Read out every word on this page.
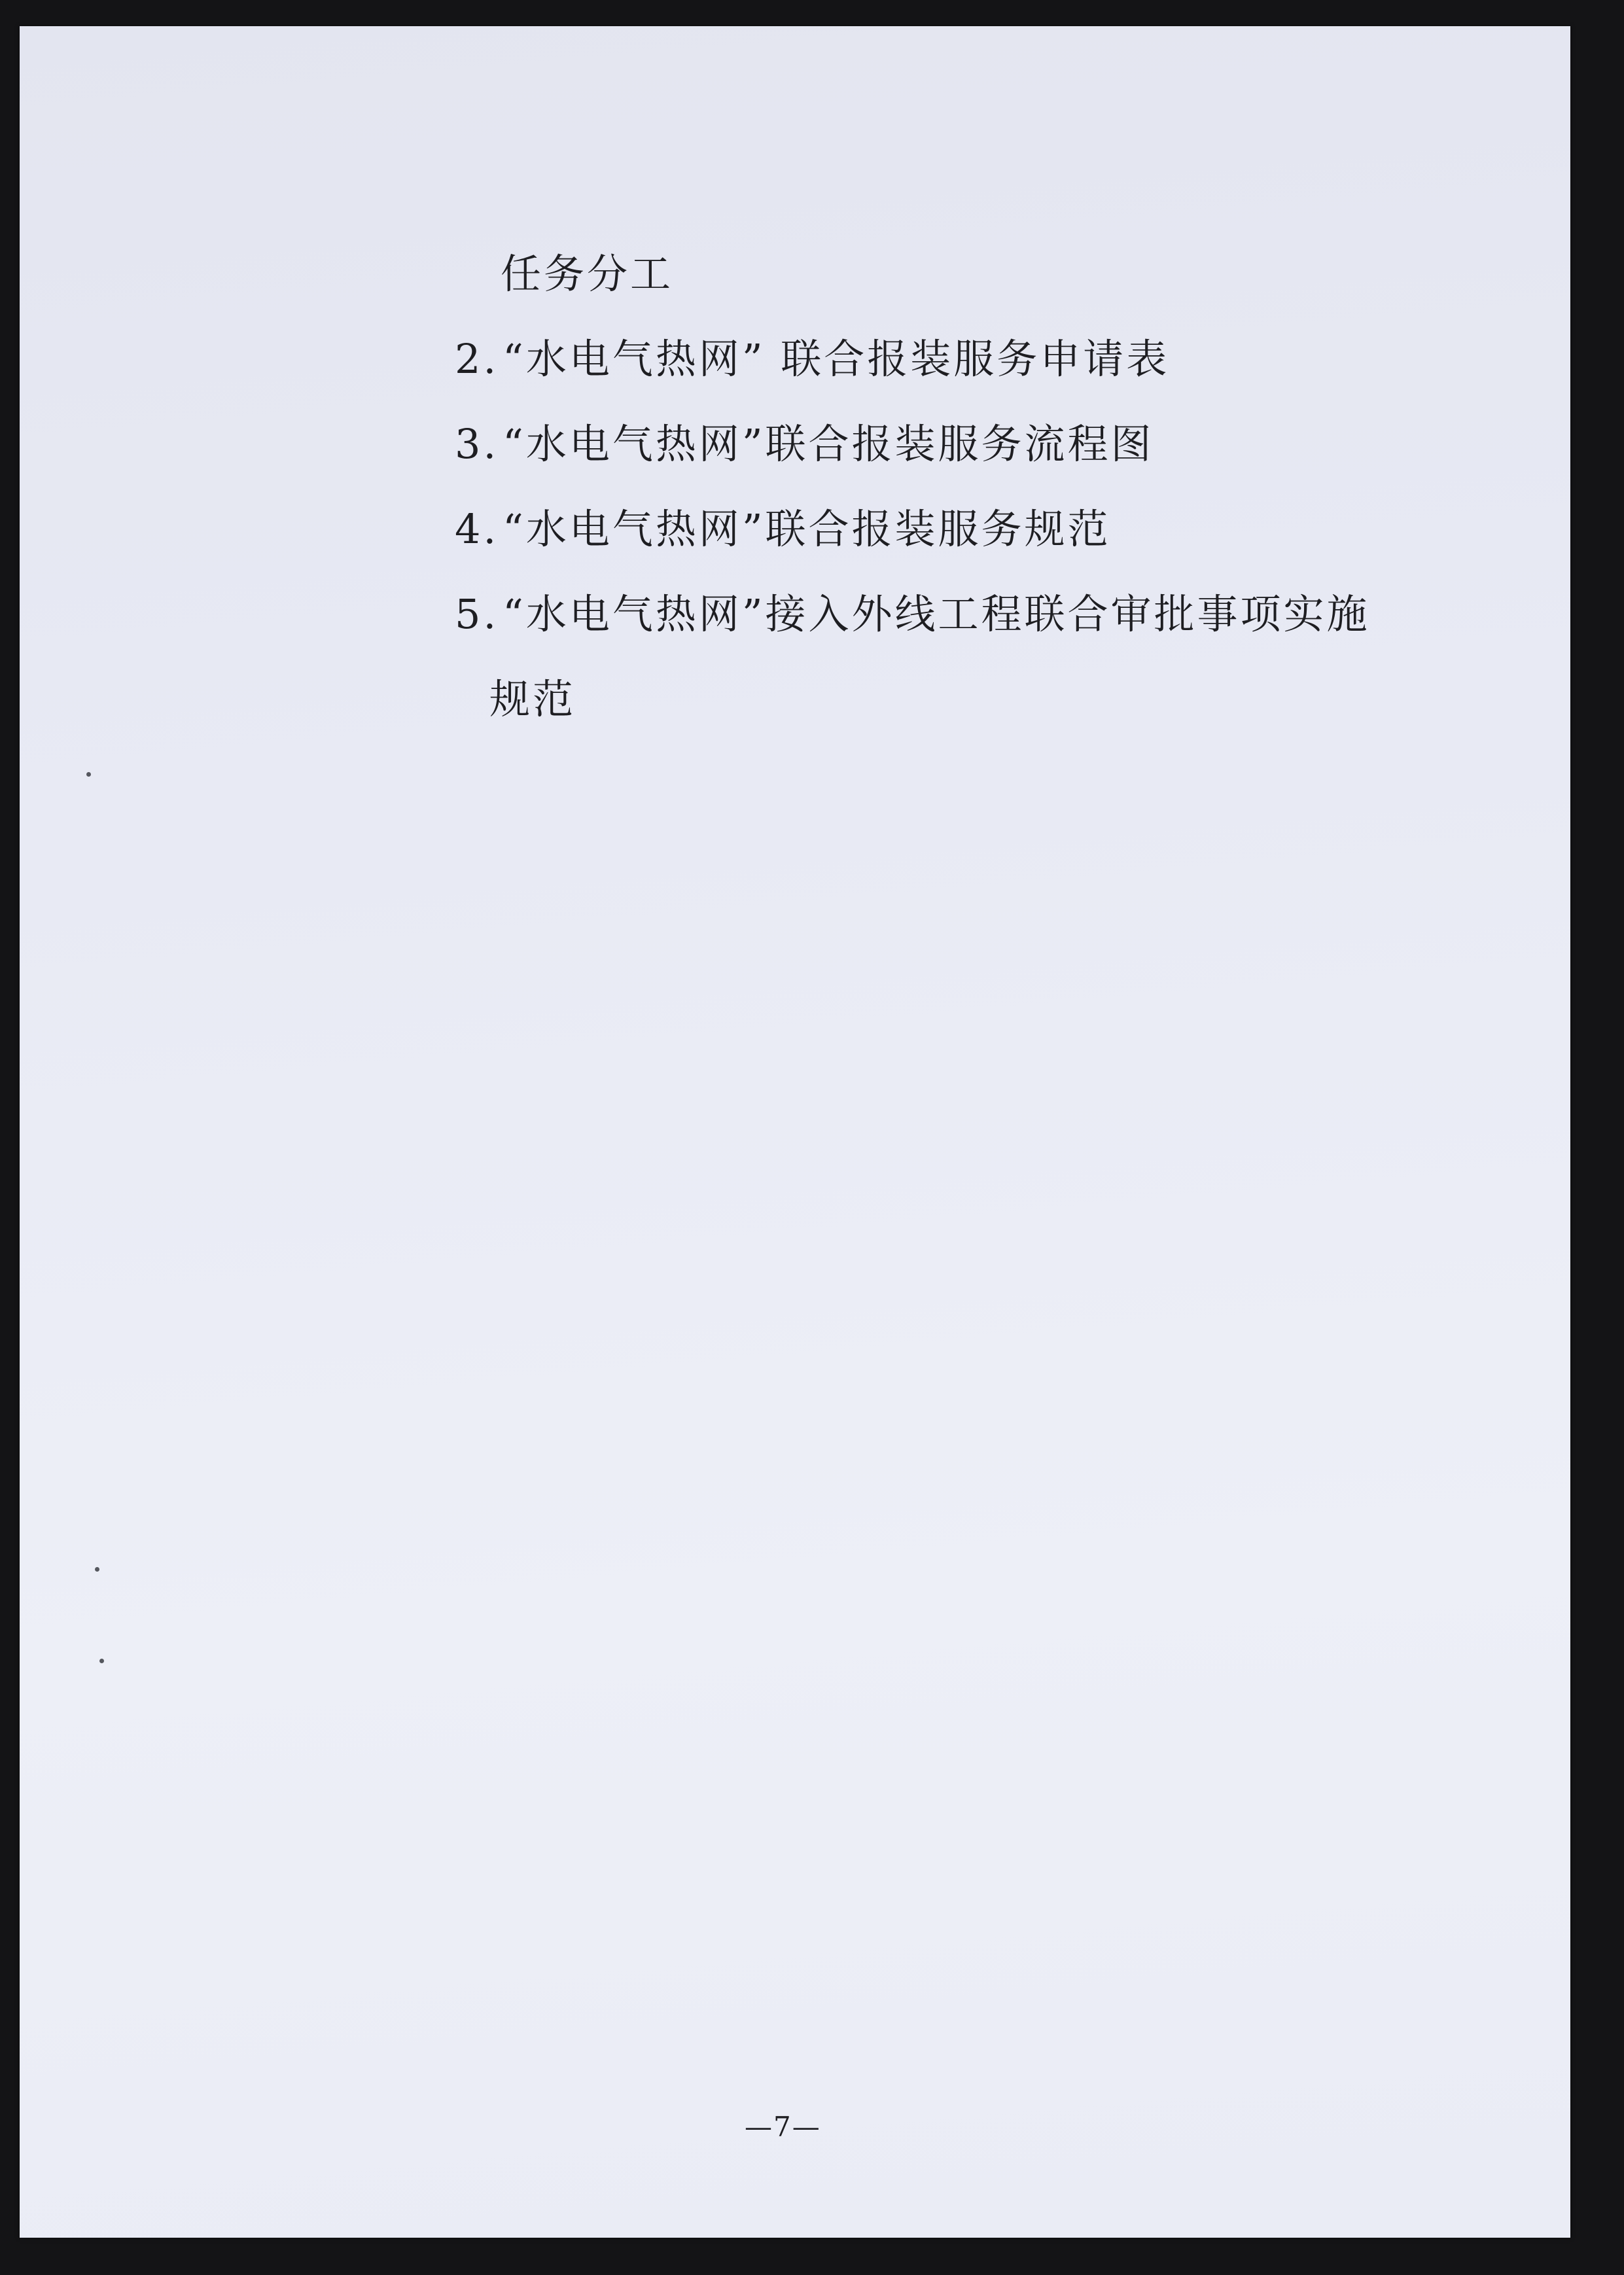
任务分工
2.“水电气热网” 联合报装服务申请表
3.“水电气热网”联合报装服务流程图
4.“水电气热网”联合报装服务规范
5.“水电气热网”接入外线工程联合审批事项实施
规范
—7—
